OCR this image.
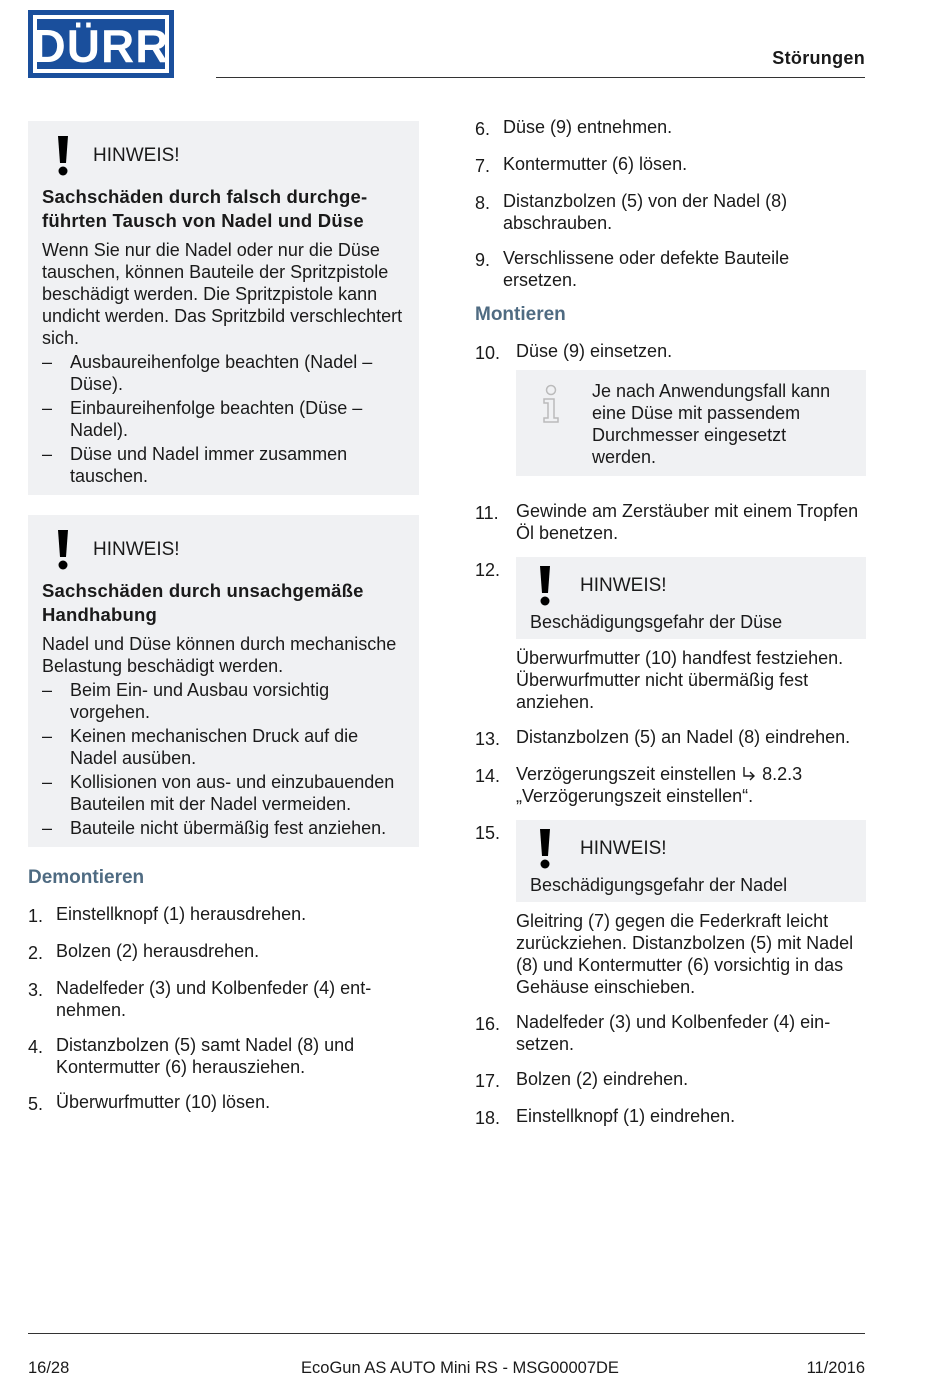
DÜRR	Störungen
HINWEIS!
Sachschäden durch falsch durchgeführten Tausch von Nadel und Düse
Wenn Sie nur die Nadel oder nur die Düse tauschen, können Bauteile der Spritzpistole beschädigt werden. Die Spritzpistole kann undicht werden. Das Spritzbild verschlechtert sich.
– Ausbaureihenfolge beachten (Nadel – Düse).
– Einbaureihenfolge beachten (Düse – Nadel).
– Düse und Nadel immer zusammen tauschen.
HINWEIS!
Sachschäden durch unsachgemäße Handhabung
Nadel und Düse können durch mechanische Belastung beschädigt werden.
– Beim Ein- und Ausbau vorsichtig vorgehen.
– Keinen mechanischen Druck auf die Nadel ausüben.
– Kollisionen von aus- und einzubauenden Bauteilen mit der Nadel vermeiden.
– Bauteile nicht übermäßig fest anziehen.
Demontieren
1. Einstellknopf (1) herausdrehen.
2. Bolzen (2) herausdrehen.
3. Nadelfeder (3) und Kolbenfeder (4) entnehmen.
4. Distanzbolzen (5) samt Nadel (8) und Kontermutter (6) herausziehen.
5. Überwurfmutter (10) lösen.
6. Düse (9) entnehmen.
7. Kontermutter (6) lösen.
8. Distanzbolzen (5) von der Nadel (8) abschrauben.
9. Verschlissene oder defekte Bauteile ersetzen.
Montieren
10. Düse (9) einsetzen.
Je nach Anwendungsfall kann eine Düse mit passendem Durchmesser eingesetzt werden.
11. Gewinde am Zerstäuber mit einem Tropfen Öl benetzen.
12.
HINWEIS!
Beschädigungsgefahr der Düse
Überwurfmutter (10) handfest festziehen. Überwurfmutter nicht übermäßig fest anziehen.
13. Distanzbolzen (5) an Nadel (8) eindrehen.
14. Verzögerungszeit einstellen  8.2.3
„Verzögerungszeit einstellen“.
15.
HINWEIS!
Beschädigungsgefahr der Nadel
Gleitring (7) gegen die Federkraft leicht zurückziehen. Distanzbolzen (5) mit Nadel (8) und Kontermutter (6) vorsichtig in das Gehäuse einschieben.
16. Nadelfeder (3) und Kolbenfeder (4) einsetzen.
17. Bolzen (2) eindrehen.
18. Einstellknopf (1) eindrehen.
16/28	EcoGun AS AUTO Mini RS - MSG00007DE	11/2016
